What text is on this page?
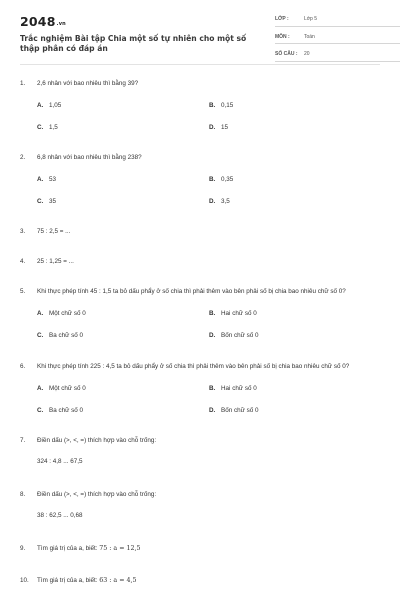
$2048^{.vn}$
Trắc nghiệm Bài tập Chia một số tự nhiên cho một số thập phân có đáp án
LỚP :	Lớp 5
MÔN :	Toán
SỐ CÂU :	20
1.	2,6 nhân với bao nhiêu thì bằng 39?
A. 1,05	B. 0,15
C. 1,5	D. 15
2.	6,8 nhân với bao nhiêu thì bằng 238?
A. 53	B. 0,35
C. 35	D. 3,5
3.	75 : 2,5 = ...
4.	25 : 1,25 = ...
5.	Khi thực phép tính 45 : 1,5 ta bỏ dấu phẩy ở số chia thì phải thêm vào bên phải số bị chia bao nhiêu chữ số 0?
A. Một chữ số 0	B. Hai chữ số 0
C. Ba chữ số 0	D. Bốn chữ số 0
6.	Khi thực phép tính 225 : 4,5 ta bỏ dấu phẩy ở số chia thì phải thêm vào bên phải số bị chia bao nhiêu chữ số 0?
A. Một chữ số 0	B. Hai chữ số 0
C. Ba chữ số 0	D. Bốn chữ số 0
7.	Điền dấu (>, <, =) thích hợp vào chỗ trống:
324 : 4,8 ... 67,5
8.	Điền dấu (>, <, =) thích hợp vào chỗ trống:
38 : 62,5 ... 0,68
9.	Tìm giá trị của a, biết: 75 : a = 12,5
10.	Tìm giá trị của a, biết: 63 : a = 4,5
